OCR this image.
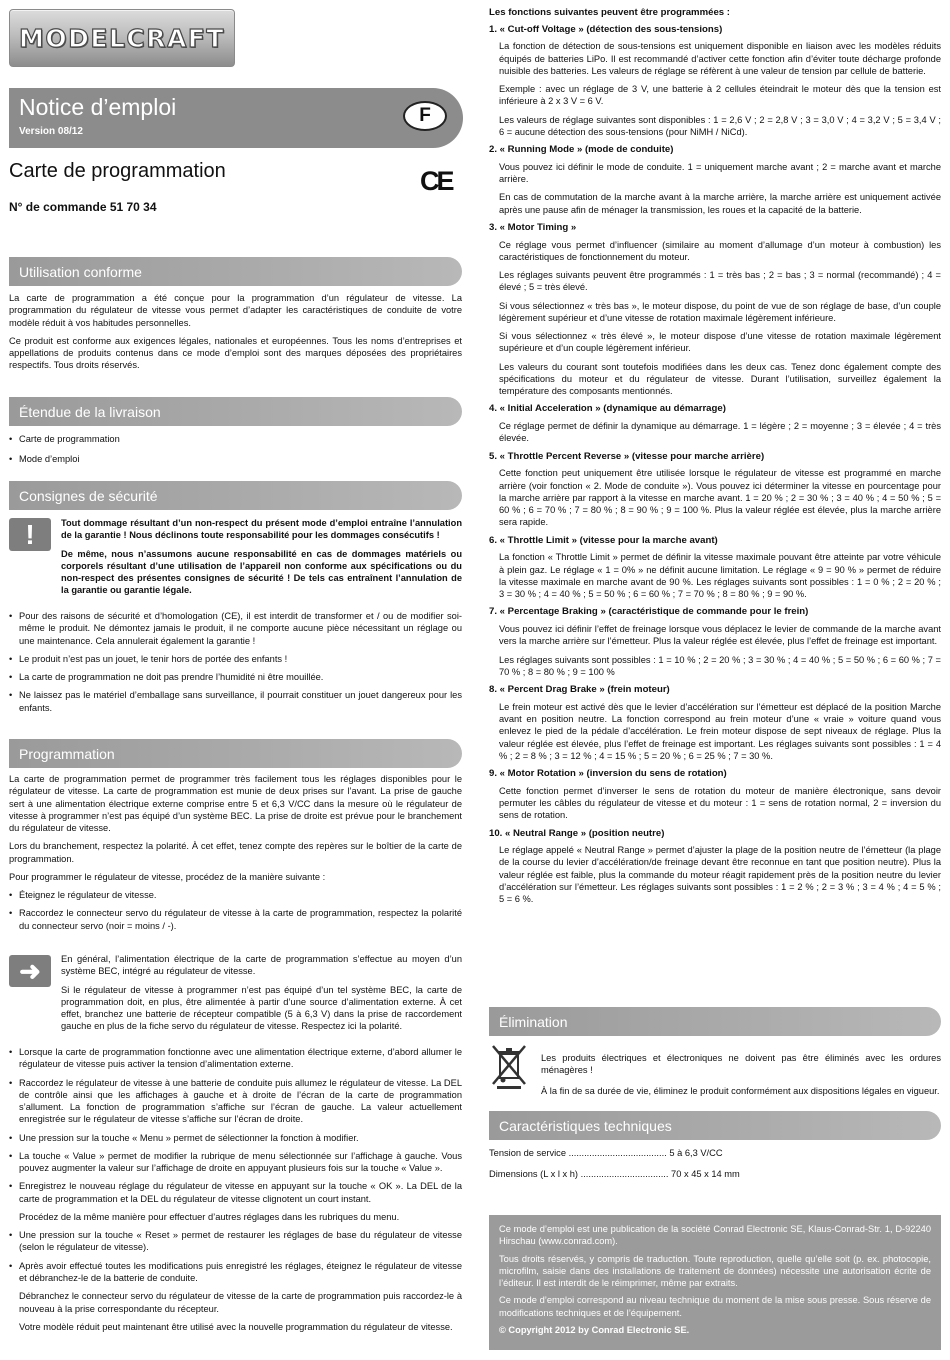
MODELCRAFT
Notice d’emploi
Version 08/12
F
Carte de programmation	CE
N° de commande 51 70 34
Utilisation conforme

La carte de programmation a été conçue pour la programmation d’un régulateur de vitesse. La programmation du régulateur de vitesse vous permet d’adapter les caractéristiques de conduite de votre modèle réduit à vos habitudes personnelles.

Ce produit est conforme aux exigences légales, nationales et européennes. Tous les noms d’entreprises et appellations de produits contenus dans ce mode d’emploi sont des marques déposées des propriétaires respectifs. Tous droits réservés.

Étendue de la livraison
• Carte de programmation
• Mode d’emploi
Consignes de sécurité
!	Tout dommage résultant d’un non-respect du présent mode d’emploi entraîne l’annulation de la garantie ! Nous déclinons toute responsabilité pour les dommages consécutifs !

De même, nous n’assumons aucune responsabilité en cas de dommages matériels ou corporels résultant d’une utilisation de l’appareil non conforme aux spécifications ou du non-respect des présentes consignes de sécurité ! De tels cas entraînent l’annulation de la garantie ou garantie légale.

• Pour des raisons de sécurité et d’homologation (CE), il est interdit de transformer et / ou de modifier soi-même le produit. Ne démontez jamais le produit, il ne comporte aucune pièce nécessitant un réglage ou une maintenance. Cela annulerait également la garantie !
• Le produit n’est pas un jouet, le tenir hors de portée des enfants !
• La carte de programmation ne doit pas prendre l’humidité ni être mouillée.
• Ne laissez pas le matériel d’emballage sans surveillance, il pourrait constituer un jouet dangereux pour les enfants.
Programmation

La carte de programmation permet de programmer très facilement tous les réglages disponibles pour le régulateur de vitesse. La carte de programmation est munie de deux prises sur l’avant. La prise de gauche sert à une alimentation électrique externe comprise entre 5 et 6,3 V/CC dans la mesure où le régulateur de vitesse à programmer n’est pas équipé d’un système BEC. La prise de droite est prévue pour le branchement du régulateur de vitesse.

Lors du branchement, respectez la polarité. À cet effet, tenez compte des repères sur le boîtier de la carte de programmation.

Pour programmer le régulateur de vitesse, procédez de la manière suivante :

• Éteignez le régulateur de vitesse.
• Raccordez le connecteur servo du régulateur de vitesse à la carte de programmation, respectez la polarité du connecteur servo (noir = moins / -).
➜	En général, l’alimentation électrique de la carte de programmation s’effectue au moyen d’un système BEC, intégré au régulateur de vitesse.

Si le régulateur de vitesse à programmer n’est pas équipé d’un tel système BEC, la carte de programmation doit, en plus, être alimentée à partir d’une source d’alimentation externe. À cet effet, branchez une batterie de récepteur compatible (5 à 6,3 V) dans la prise de raccordement gauche en plus de la fiche servo du régulateur de vitesse. Respectez ici la polarité.

• Lorsque la carte de programmation fonctionne avec une alimentation électrique externe, d’abord allumer le régulateur de vitesse puis activer la tension d’alimentation externe.
• Raccordez le régulateur de vitesse à une batterie de conduite puis allumez le régulateur de vitesse. La DEL de contrôle ainsi que les affichages à gauche et à droite de l’écran de la carte de programmation s’allument. La fonction de programmation s’affiche sur l’écran de gauche. La valeur actuellement enregistrée sur le régulateur de vitesse s’affiche sur l’écran de droite.
• Une pression sur la touche « Menu » permet de sélectionner la fonction à modifier.
• La touche « Value » permet de modifier la rubrique de menu sélectionnée sur l’affichage à gauche. Vous pouvez augmenter la valeur sur l’affichage de droite en appuyant plusieurs fois sur la touche « Value ».
• Enregistrez le nouveau réglage du régulateur de vitesse en appuyant sur la touche « OK ». La DEL de la carte de programmation et la DEL du régulateur de vitesse clignotent un court instant.

Procédez de la même manière pour effectuer d’autres réglages dans les rubriques du menu.

• Une pression sur la touche « Reset » permet de restaurer les réglages de base du régulateur de vitesse (selon le régulateur de vitesse).
• Après avoir effectué toutes les modifications puis enregistré les réglages, éteignez le régulateur de vitesse et débranchez-le de la batterie de conduite.

Débranchez le connecteur servo du régulateur de vitesse de la carte de programmation puis raccordez-le à nouveau à la prise correspondante du récepteur.

Votre modèle réduit peut maintenant être utilisé avec la nouvelle programmation du régulateur de vitesse.

Les fonctions suivantes peuvent être programmées :

1. « Cut-off Voltage » (détection des sous-tensions)

La fonction de détection de sous-tensions est uniquement disponible en liaison avec les modèles réduits équipés de batteries LiPo. Il est recommandé d’activer cette fonction afin d’éviter toute décharge profonde nuisible des batteries. Les valeurs de réglage se réfèrent à une valeur de tension par cellule de batterie.

Exemple : avec un réglage de 3 V, une batterie à 2 cellules éteindrait le moteur dès que la tension est inférieure à 2 x 3 V = 6 V.

Les valeurs de réglage suivantes sont disponibles : 1 = 2,6 V ; 2 = 2,8 V ; 3 = 3,0 V ; 4 = 3,2 V ; 5 = 3,4 V ; 6 = aucune détection des sous-tensions (pour NiMH / NiCd).

2. « Running Mode » (mode de conduite)

Vous pouvez ici définir le mode de conduite. 1 = uniquement marche avant ; 2 = marche avant et marche arrière.

En cas de commutation de la marche avant à la marche arrière, la marche arrière est uniquement activée après une pause afin de ménager la transmission, les roues et la capacité de la batterie.

3. « Motor Timing »

Ce réglage vous permet d’influencer (similaire au moment d’allumage d’un moteur à combustion) les caractéristiques de fonctionnement du moteur.

Les réglages suivants peuvent être programmés : 1 = très bas ; 2 = bas ; 3 = normal (recommandé) ; 4 = élevé ; 5 = très élevé.

Si vous sélectionnez « très bas », le moteur dispose, du point de vue de son réglage de base, d’un couple légèrement supérieur et d’une vitesse de rotation maximale légèrement inférieure.

Si vous sélectionnez « très élevé », le moteur dispose d’une vitesse de rotation maximale légèrement supérieure et d’un couple légèrement inférieur.

Les valeurs du courant sont toutefois modifiées dans les deux cas. Tenez donc également compte des spécifications du moteur et du régulateur de vitesse. Durant l’utilisation, surveillez également la température des composants mentionnés.

4. « Initial Acceleration » (dynamique au démarrage)

Ce réglage permet de définir la dynamique au démarrage. 1 = légère ; 2 = moyenne ; 3 = élevée ; 4 = très élevée.

5. « Throttle Percent Reverse » (vitesse pour marche arrière)

Cette fonction peut uniquement être utilisée lorsque le régulateur de vitesse est programmé en marche arrière (voir fonction « 2. Mode de conduite »). Vous pouvez ici déterminer la vitesse en pourcentage pour la marche arrière par rapport à la vitesse en marche avant. 1 = 20 % ; 2 = 30 % ; 3 = 40 % ; 4 = 50 % ; 5 = 60 % ; 6 = 70 % ; 7 = 80 % ; 8 = 90 % ; 9 = 100 %. Plus la valeur réglée est élevée, plus la marche arrière sera rapide.

6. « Throttle Limit » (vitesse pour la marche avant)

La fonction « Throttle Limit » permet de définir la vitesse maximale pouvant être atteinte par votre véhicule à plein gaz. Le réglage « 1 = 0% » ne définit aucune limitation. Le réglage « 9 = 90 % » permet de réduire la vitesse maximale en marche avant de 90 %. Les réglages suivants sont possibles : 1 = 0 % ; 2 = 20 % ; 3 = 30 % ; 4 = 40 % ; 5 = 50 % ; 6 = 60 % ; 7 = 70 % ; 8 = 80 % ; 9 = 90 %.

7. « Percentage Braking » (caractéristique de commande pour le frein)

Vous pouvez ici définir l’effet de freinage lorsque vous déplacez le levier de commande de la marche avant vers la marche arrière sur l’émetteur. Plus la valeur réglée est élevée, plus l’effet de freinage est important.

Les réglages suivants sont possibles : 1 = 10 % ; 2 = 20 % ; 3 = 30 % ; 4 = 40 % ; 5 = 50 % ; 6 = 60 % ; 7 = 70 % ; 8 = 80 % ; 9 = 100 %

8. « Percent Drag Brake » (frein moteur)

Le frein moteur est activé dès que le levier d’accélération sur l’émetteur est déplacé de la position Marche avant en position neutre. La fonction correspond au frein moteur d’une « vraie » voiture quand vous enlevez le pied de la pédale d’accélération. Le frein moteur dispose de sept niveaux de réglage. Plus la valeur réglée est élevée, plus l’effet de freinage est important. Les réglages suivants sont possibles : 1 = 4 % ; 2 = 8 % ; 3 = 12 % ; 4 = 15 % ; 5 = 20 % ; 6 = 25 % ; 7 = 30 %.

9. « Motor Rotation » (inversion du sens de rotation)

Cette fonction permet d’inverser le sens de rotation du moteur de manière électronique, sans devoir permuter les câbles du régulateur de vitesse et du moteur : 1 = sens de rotation normal, 2 = inversion du sens de rotation.

10. « Neutral Range » (position neutre)

Le réglage appelé « Neutral Range » permet d’ajuster la plage de la position neutre de l’émetteur (la plage de la course du levier d’accélération/de freinage devant être reconnue en tant que position neutre). Plus la valeur réglée est faible, plus la commande du moteur réagit rapidement près de la position neutre du levier d’accélération sur l’émetteur. Les réglages suivants sont possibles : 1 = 2 % ; 2 = 3 % ; 3 = 4 % ; 4 = 5 % ; 5 = 6 %.

Élimination

Les produits électriques et électroniques ne doivent pas être éliminés avec les ordures ménagères !

À la fin de sa durée de vie, éliminez le produit conformément aux dispositions légales en vigueur.

Caractéristiques techniques
Tension de service ...................................... 5 à 6,3 V/CC
Dimensions (L x l x h) .................................. 70 x 45 x 14 mm

Ce mode d’emploi est une publication de la société Conrad Electronic SE, Klaus-Conrad-Str. 1, D-92240 Hirschau (www.conrad.com).

Tous droits réservés, y compris de traduction. Toute reproduction, quelle qu’elle soit (p. ex. photocopie, microfilm, saisie dans des installations de traitement de données) nécessite une autorisation écrite de l’éditeur. Il est interdit de le réimprimer, même par extraits.

Ce mode d’emploi correspond au niveau technique du moment de la mise sous presse. Sous réserve de modifications techniques et de l’équipement.

© Copyright 2012 by Conrad Electronic SE.
